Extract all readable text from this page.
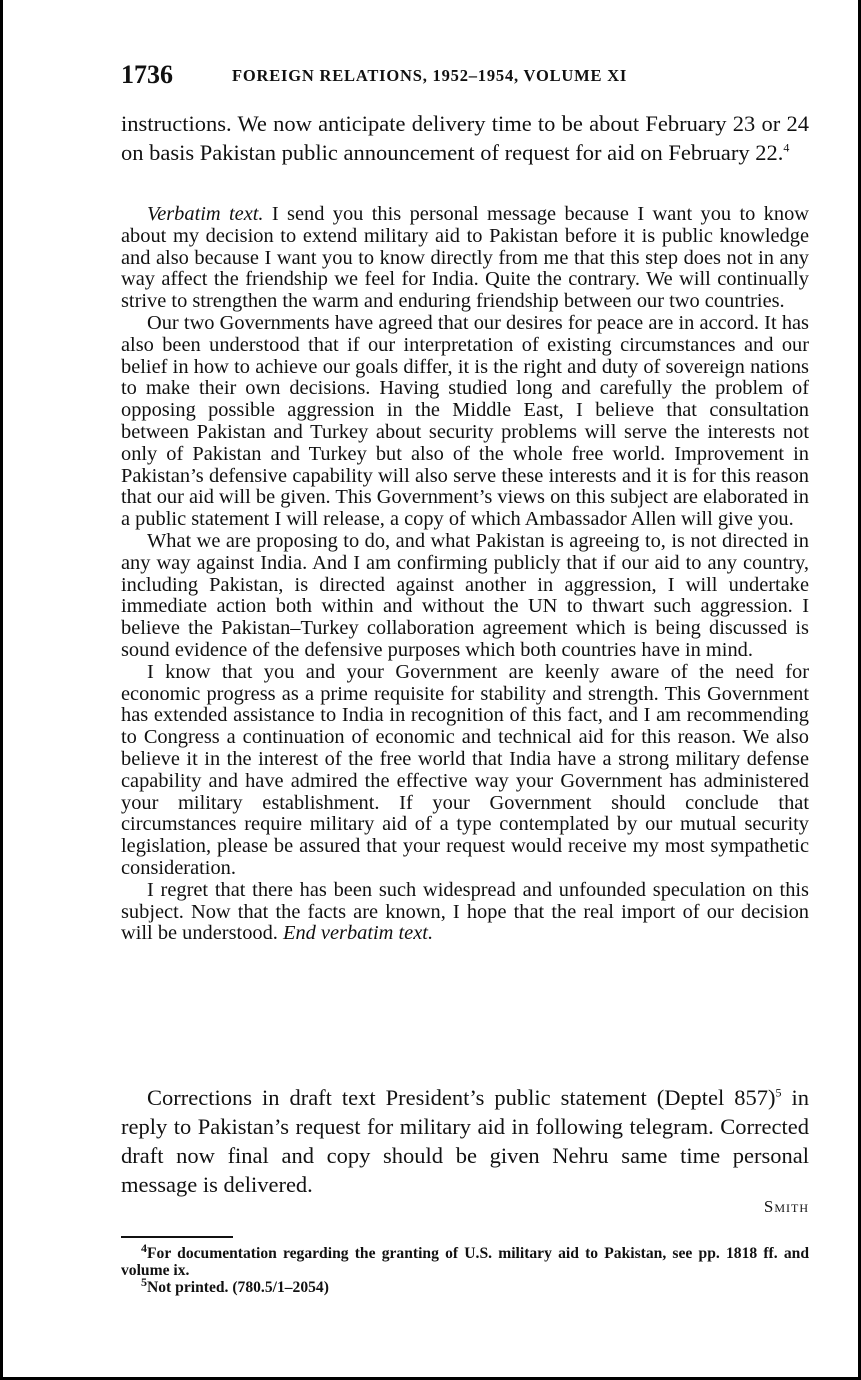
1736	FOREIGN RELATIONS, 1952–1954, VOLUME XI

instructions. We now anticipate delivery time to be about February 23 or 24 on basis Pakistan public announcement of request for aid on February 22.$^4$

Verbatim text. I send you this personal message because I want you to know about my decision to extend military aid to Pakistan before it is public knowledge and also because I want you to know directly from me that this step does not in any way affect the friendship we feel for India. Quite the contrary. We will continually strive to strengthen the warm and enduring friendship between our two countries.

Our two Governments have agreed that our desires for peace are in accord. It has also been understood that if our interpretation of existing circumstances and our belief in how to achieve our goals differ, it is the right and duty of sovereign nations to make their own decisions. Having studied long and carefully the problem of opposing possible aggression in the Middle East, I believe that consultation between Pakistan and Turkey about security problems will serve the interests not only of Pakistan and Turkey but also of the whole free world. Improvement in Pakistan’s defensive capability will also serve these interests and it is for this reason that our aid will be given. This Government’s views on this subject are elaborated in a public statement I will release, a copy of which Ambassador Allen will give you.

What we are proposing to do, and what Pakistan is agreeing to, is not directed in any way against India. And I am confirming publicly that if our aid to any country, including Pakistan, is directed against another in aggression, I will undertake immediate action both within and without the UN to thwart such aggression. I believe the Pakistan–Turkey collaboration agreement which is being discussed is sound evidence of the defensive purposes which both countries have in mind.

I know that you and your Government are keenly aware of the need for economic progress as a prime requisite for stability and strength. This Government has extended assistance to India in recognition of this fact, and I am recommending to Congress a continuation of economic and technical aid for this reason. We also believe it in the interest of the free world that India have a strong military defense capability and have admired the effective way your Government has administered your military establishment. If your Government should conclude that circumstances require military aid of a type contemplated by our mutual security legislation, please be assured that your request would receive my most sympathetic consideration.

I regret that there has been such widespread and unfounded speculation on this subject. Now that the facts are known, I hope that the real import of our decision will be understood. End verbatim text.

Corrections in draft text President’s public statement (Deptel 857)$^5$ in reply to Pakistan’s request for military aid in following telegram. Corrected draft now final and copy should be given Nehru same time personal message is delivered.

Smith

$^4$For documentation regarding the granting of U.S. military aid to Pakistan, see pp. 1818 ff. and volume ix.

$^5$Not printed. (780.5/1–2054)
